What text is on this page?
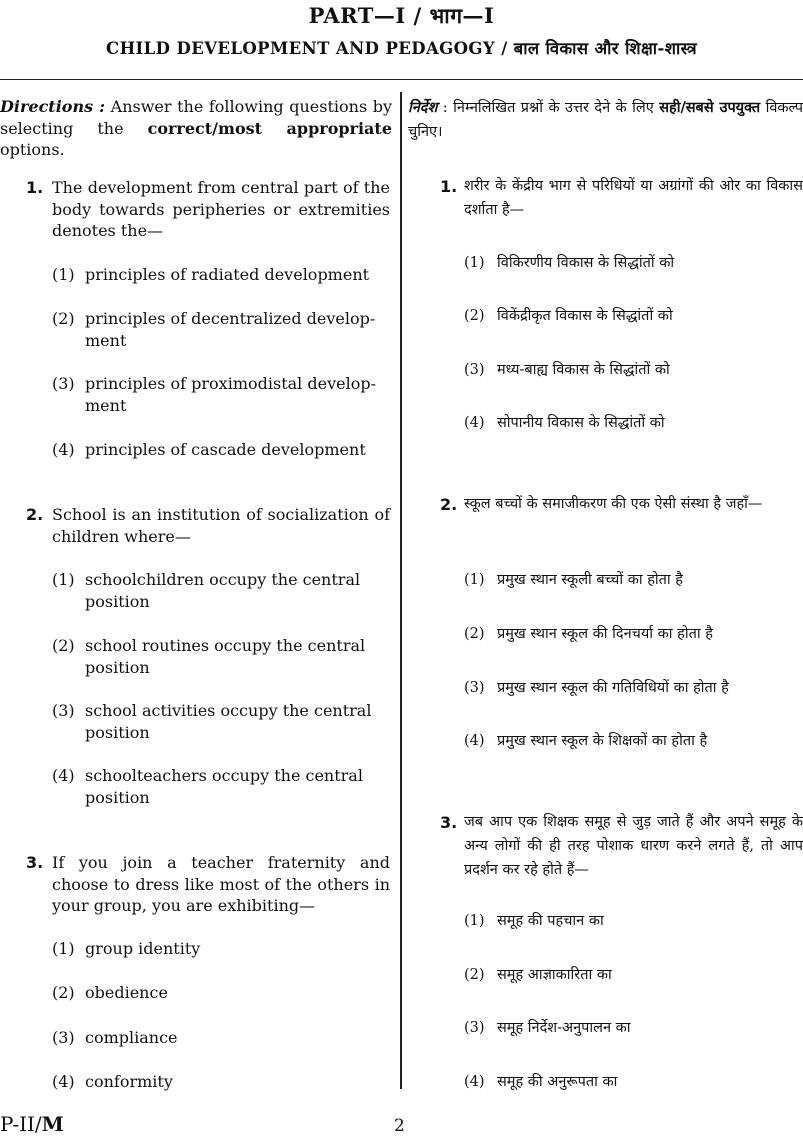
PART—I / भाग—I
CHILD DEVELOPMENT AND PEDAGOGY / बाल विकास और शिक्षा-शास्त्र
Directions : Answer the following questions by selecting the correct/most appropriate options.
1. The development from central part of the body towards peripheries or extremities denotes the—
(1) principles of radiated development
(2) principles of decentralized develop-ment
(3) principles of proximodistal develop-ment
(4) principles of cascade development
2. School is an institution of socialization of children where—
(1) schoolchildren occupy the central position
(2) school routines occupy the central position
(3) school activities occupy the central position
(4) schoolteachers occupy the central position
3. If you join a teacher fraternity and choose to dress like most of the others in your group, you are exhibiting—
(1) group identity
(2) obedience
(3) compliance
(4) conformity
निर्देश : निम्नलिखित प्रश्नों के उत्तर देने के लिए सही/सबसे उपयुक्त विकल्प चुनिए।
1. शरीर के केंद्रीय भाग से परिधियों या अग्रांगों की ओर का विकास दर्शाता है—
(1) विकिरणीय विकास के सिद्धांतों को
(2) विकेंद्रीकृत विकास के सिद्धांतों को
(3) मध्य-बाह्य विकास के सिद्धांतों को
(4) सोपानीय विकास के सिद्धांतों को
2. स्कूल बच्चों के समाजीकरण की एक ऐसी संस्था है जहाँ—
(1) प्रमुख स्थान स्कूली बच्चों का होता है
(2) प्रमुख स्थान स्कूल की दिनचर्या का होता है
(3) प्रमुख स्थान स्कूल की गतिविधियों का होता है
(4) प्रमुख स्थान स्कूल के शिक्षकों का होता है
3. जब आप एक शिक्षक समूह से जुड़ जाते हैं और अपने समूह के अन्य लोगों की ही तरह पोशाक धारण करने लगते हैं, तो आप प्रदर्शन कर रहे होते हैं—
(1) समूह की पहचान का
(2) समूह आज्ञाकारिता का
(3) समूह निर्देश-अनुपालन का
(4) समूह की अनुरूपता का
P-II/M	2
